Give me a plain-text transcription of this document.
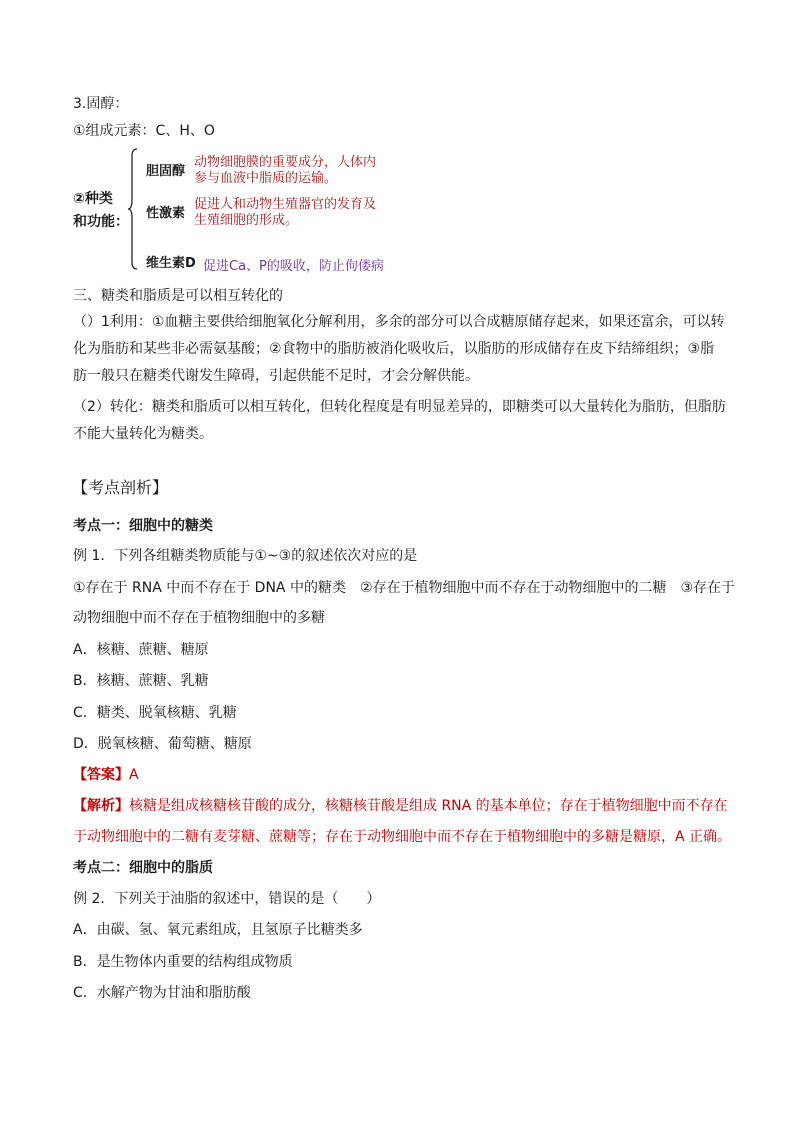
3.固醇：
①组成元素：C、H、O
②种类
和功能：
胆固醇
动物细胞膜的重要成分，人体内
参与血液中脂质的运输。
性激素
促进人和动物生殖器官的发育及
生殖细胞的形成。
维生素D 促进Ca、P的吸收，防止佝偻病
三、糖类和脂质是可以相互转化的
（）1利用：①血糖主要供给细胞氧化分解利用，多余的部分可以合成糖原储存起来，如果还富余，可以转
化为脂肪和某些非必需氨基酸；②食物中的脂肪被消化吸收后，以脂肪的形成储存在皮下结缔组织；③脂
肪一般只在糖类代谢发生障碍，引起供能不足时，才会分解供能。
（2）转化：糖类和脂质可以相互转化，但转化程度是有明显差异的，即糖类可以大量转化为脂肪，但脂肪
不能大量转化为糖类。
【考点剖析】
考点一：细胞中的糖类
例 1．下列各组糖类物质能与①~③的叙述依次对应的是
①存在于 RNA 中而不存在于 DNA 中的糖类　②存在于植物细胞中而不存在于动物细胞中的二糖　③存在于
动物细胞中而不存在于植物细胞中的多糖
A．核糖、蔗糖、糖原
B．核糖、蔗糖、乳糖
C．糖类、脱氧核糖、乳糖
D．脱氧核糖、葡萄糖、糖原
【答案】A
【解析】核糖是组成核糖核苷酸的成分，核糖核苷酸是组成 RNA 的基本单位；存在于植物细胞中而不存在
于动物细胞中的二糖有麦芽糖、蔗糖等；存在于动物细胞中而不存在于植物细胞中的多糖是糖原，A 正确。
考点二：细胞中的脂质
例 2．下列关于油脂的叙述中，错误的是（　　）
A．由碳、氢、氧元素组成，且氢原子比糖类多
B．是生物体内重要的结构组成物质
C．水解产物为甘油和脂肪酸
